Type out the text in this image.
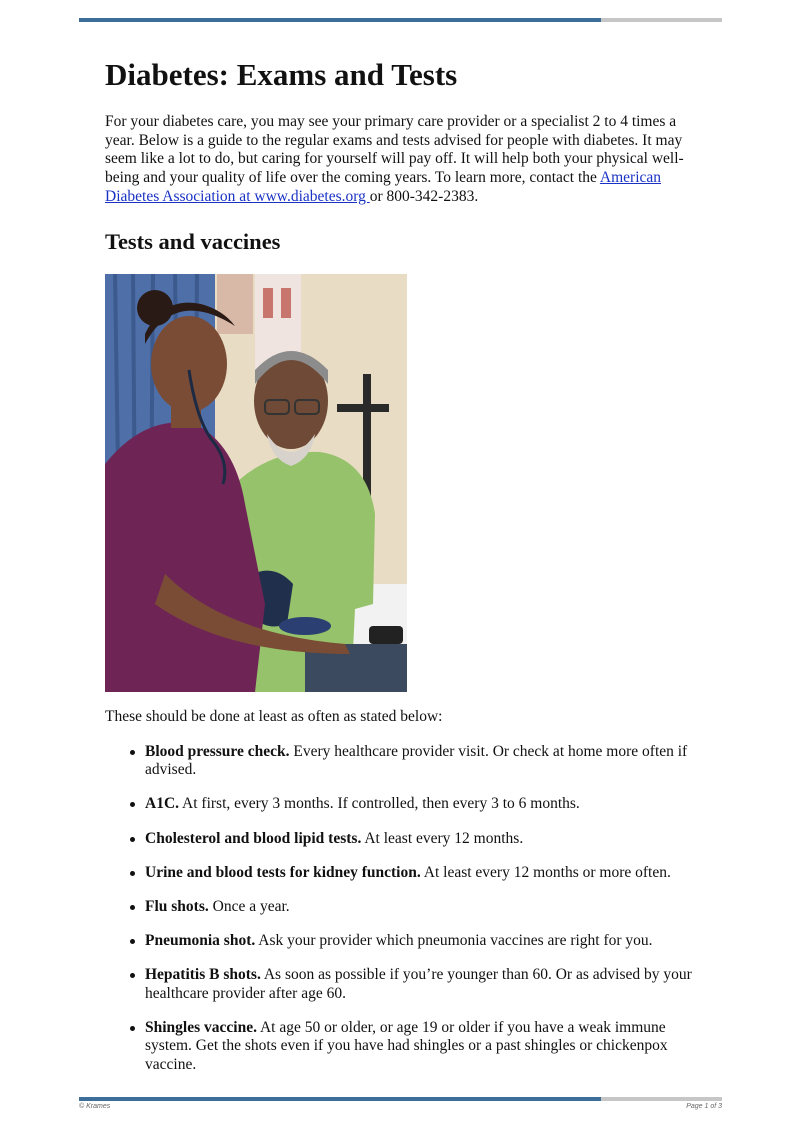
Diabetes: Exams and Tests

For your diabetes care, you may see your primary care provider or a specialist 2 to 4 times a year. Below is a guide to the regular exams and tests advised for people with diabetes. It may seem like a lot to do, but caring for yourself will pay off. It will help both your physical well-being and your quality of life over the coming years. To learn more, contact the American Diabetes Association at www.diabetes.org or 800-342-2383.

Tests and vaccines

These should be done at least as often as stated below:

Blood pressure check. Every healthcare provider visit. Or check at home more often if advised.
A1C. At first, every 3 months. If controlled, then every 3 to 6 months.
Cholesterol and blood lipid tests. At least every 12 months.
Urine and blood tests for kidney function. At least every 12 months or more often.
Flu shots. Once a year.
Pneumonia shot. Ask your provider which pneumonia vaccines are right for you.
Hepatitis B shots. As soon as possible if you’re younger than 60. Or as advised by your healthcare provider after age 60.
Shingles vaccine. At age 50 or older, or age 19 or older if you have a weak immune system. Get the shots even if you have had shingles or a past shingles or chickenpox vaccine.
© Krames	Page 1 of 3
